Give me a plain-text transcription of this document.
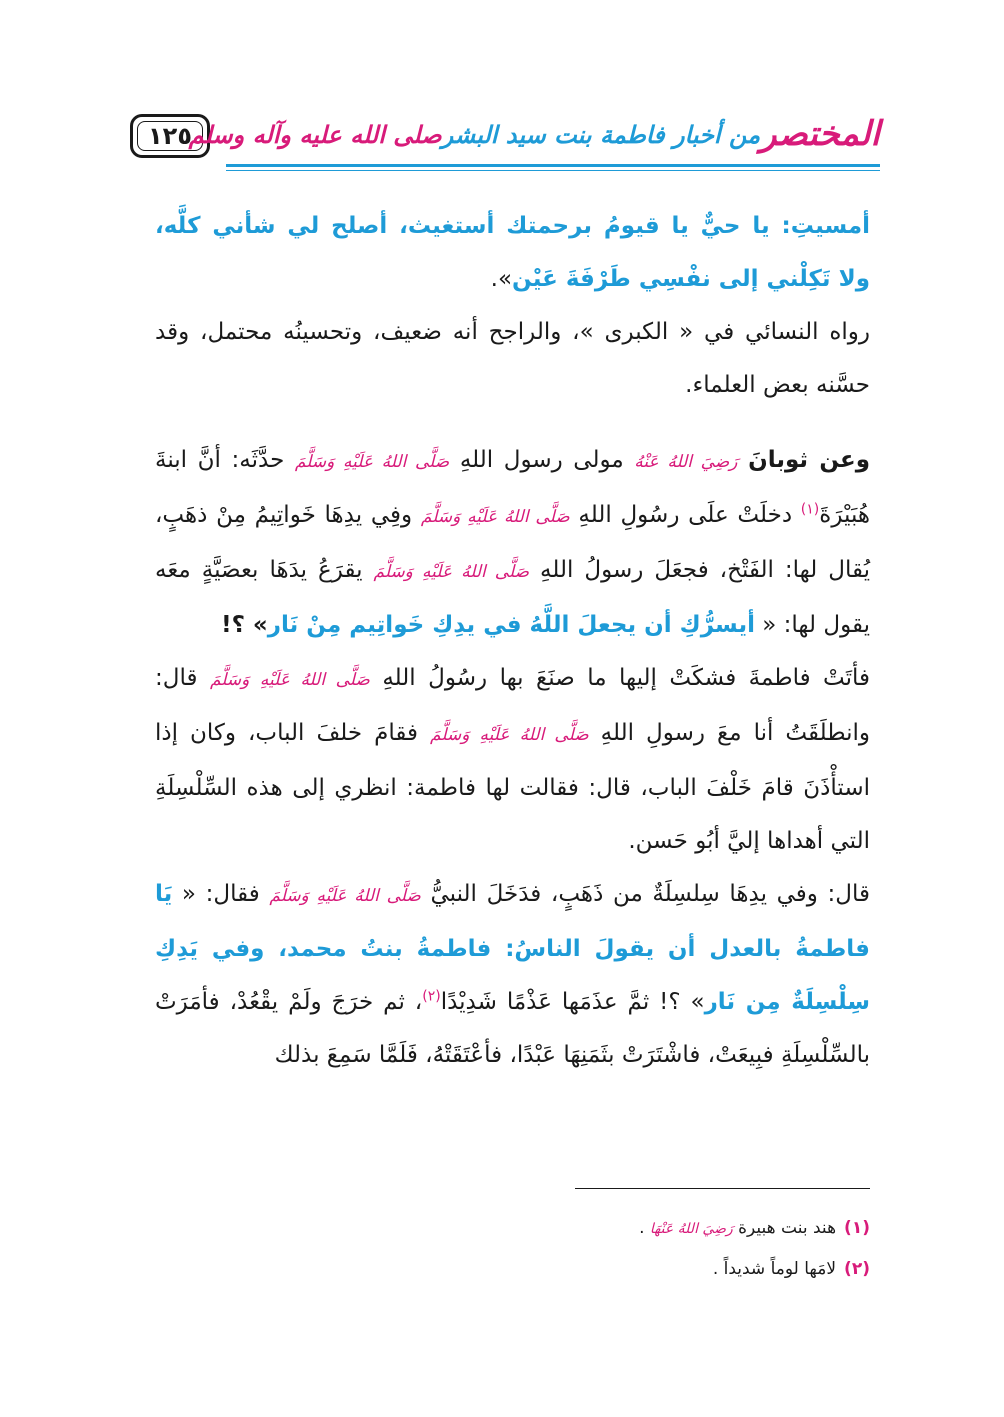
١٢٥	المختصر
من أخبار فاطمة بنت سيد البشر
صلى الله عليه وآله وسلم

أمسيتِ: يا حيٌّ يا قيومُ برحمتك أستغيث، أصلح لي شأني كلَّه، ولا تَكِلْني إلى نفْسِي طَرْفَةَ عَيْن».

رواه النسائي في « الكبرى »، والراجح أنه ضعيف، وتحسينُه محتمل، وقد حسَّنه بعض العلماء.

وعن ثوبانَ رَضِيَ اللهُ عَنْهُ مولى رسول اللهِ صَلَّى اللهُ عَلَيْهِ وَسَلَّمَ حدَّثَه: أنَّ ابنةَ هُبَيْرَةَ$^{(١)}$ دخلَتْ علَى رسُولِ اللهِ صَلَّى اللهُ عَلَيْهِ وَسَلَّمَ وفِي يدِهَا خَواتِيمُ مِنْ ذهَبٍ، يُقال لها: الفَتْخ، فجعَلَ رسولُ اللهِ صَلَّى اللهُ عَلَيْهِ وَسَلَّمَ يقرَعُ يدَهَا بعصَيَّةٍ معَه يقول لها: « أيسرُّكِ أن يجعلَ اللَّهُ في يدِكِ خَواتِيم مِنْ نَار» ؟!

فأتَتْ فاطمةَ فشكَتْ إليها ما صنَعَ بها رسُولُ اللهِ صَلَّى اللهُ عَلَيْهِ وَسَلَّمَ قال: وانطلَقَتُ أنا معَ رسولِ اللهِ صَلَّى اللهُ عَلَيْهِ وَسَلَّمَ فقامَ خلفَ الباب، وكان إذا استأْذَنَ قامَ خَلْفَ الباب، قال: فقالت لها فاطمة: انظري إلى هذه السِّلْسِلَةِ التي أهداها إليَّ أبُو حَسن.

قال: وفي يدِهَا سِلسِلَةٌ من ذَهَبٍ، فدَخَلَ النبيُّ صَلَّى اللهُ عَلَيْهِ وَسَلَّمَ فقال: « يَا فاطمةُ بالعدل أن يقولَ الناسُ: فاطمةُ بنتُ محمد، وفي يَدِكِ سِلْسِلَةٌ مِن نَار» ؟! ثمَّ عذَمَها عَذْمًا شَدِيْدًا$^{(٢)}$، ثم خرَجَ ولَمْ يقْعُدْ، فأمَرَتْ بالسِّلْسِلَةِ فبِيعَتْ، فاشْتَرَتْ بثَمَنِهَا عَبْدًا، فأعْتَقَتْهُ، فَلَمَّا سَمِعَ بذلك

(١)هند بنت هبيرة رَضِيَ اللهُ عَنْهَا .
(٢)لامَها لوماً شديداً .
